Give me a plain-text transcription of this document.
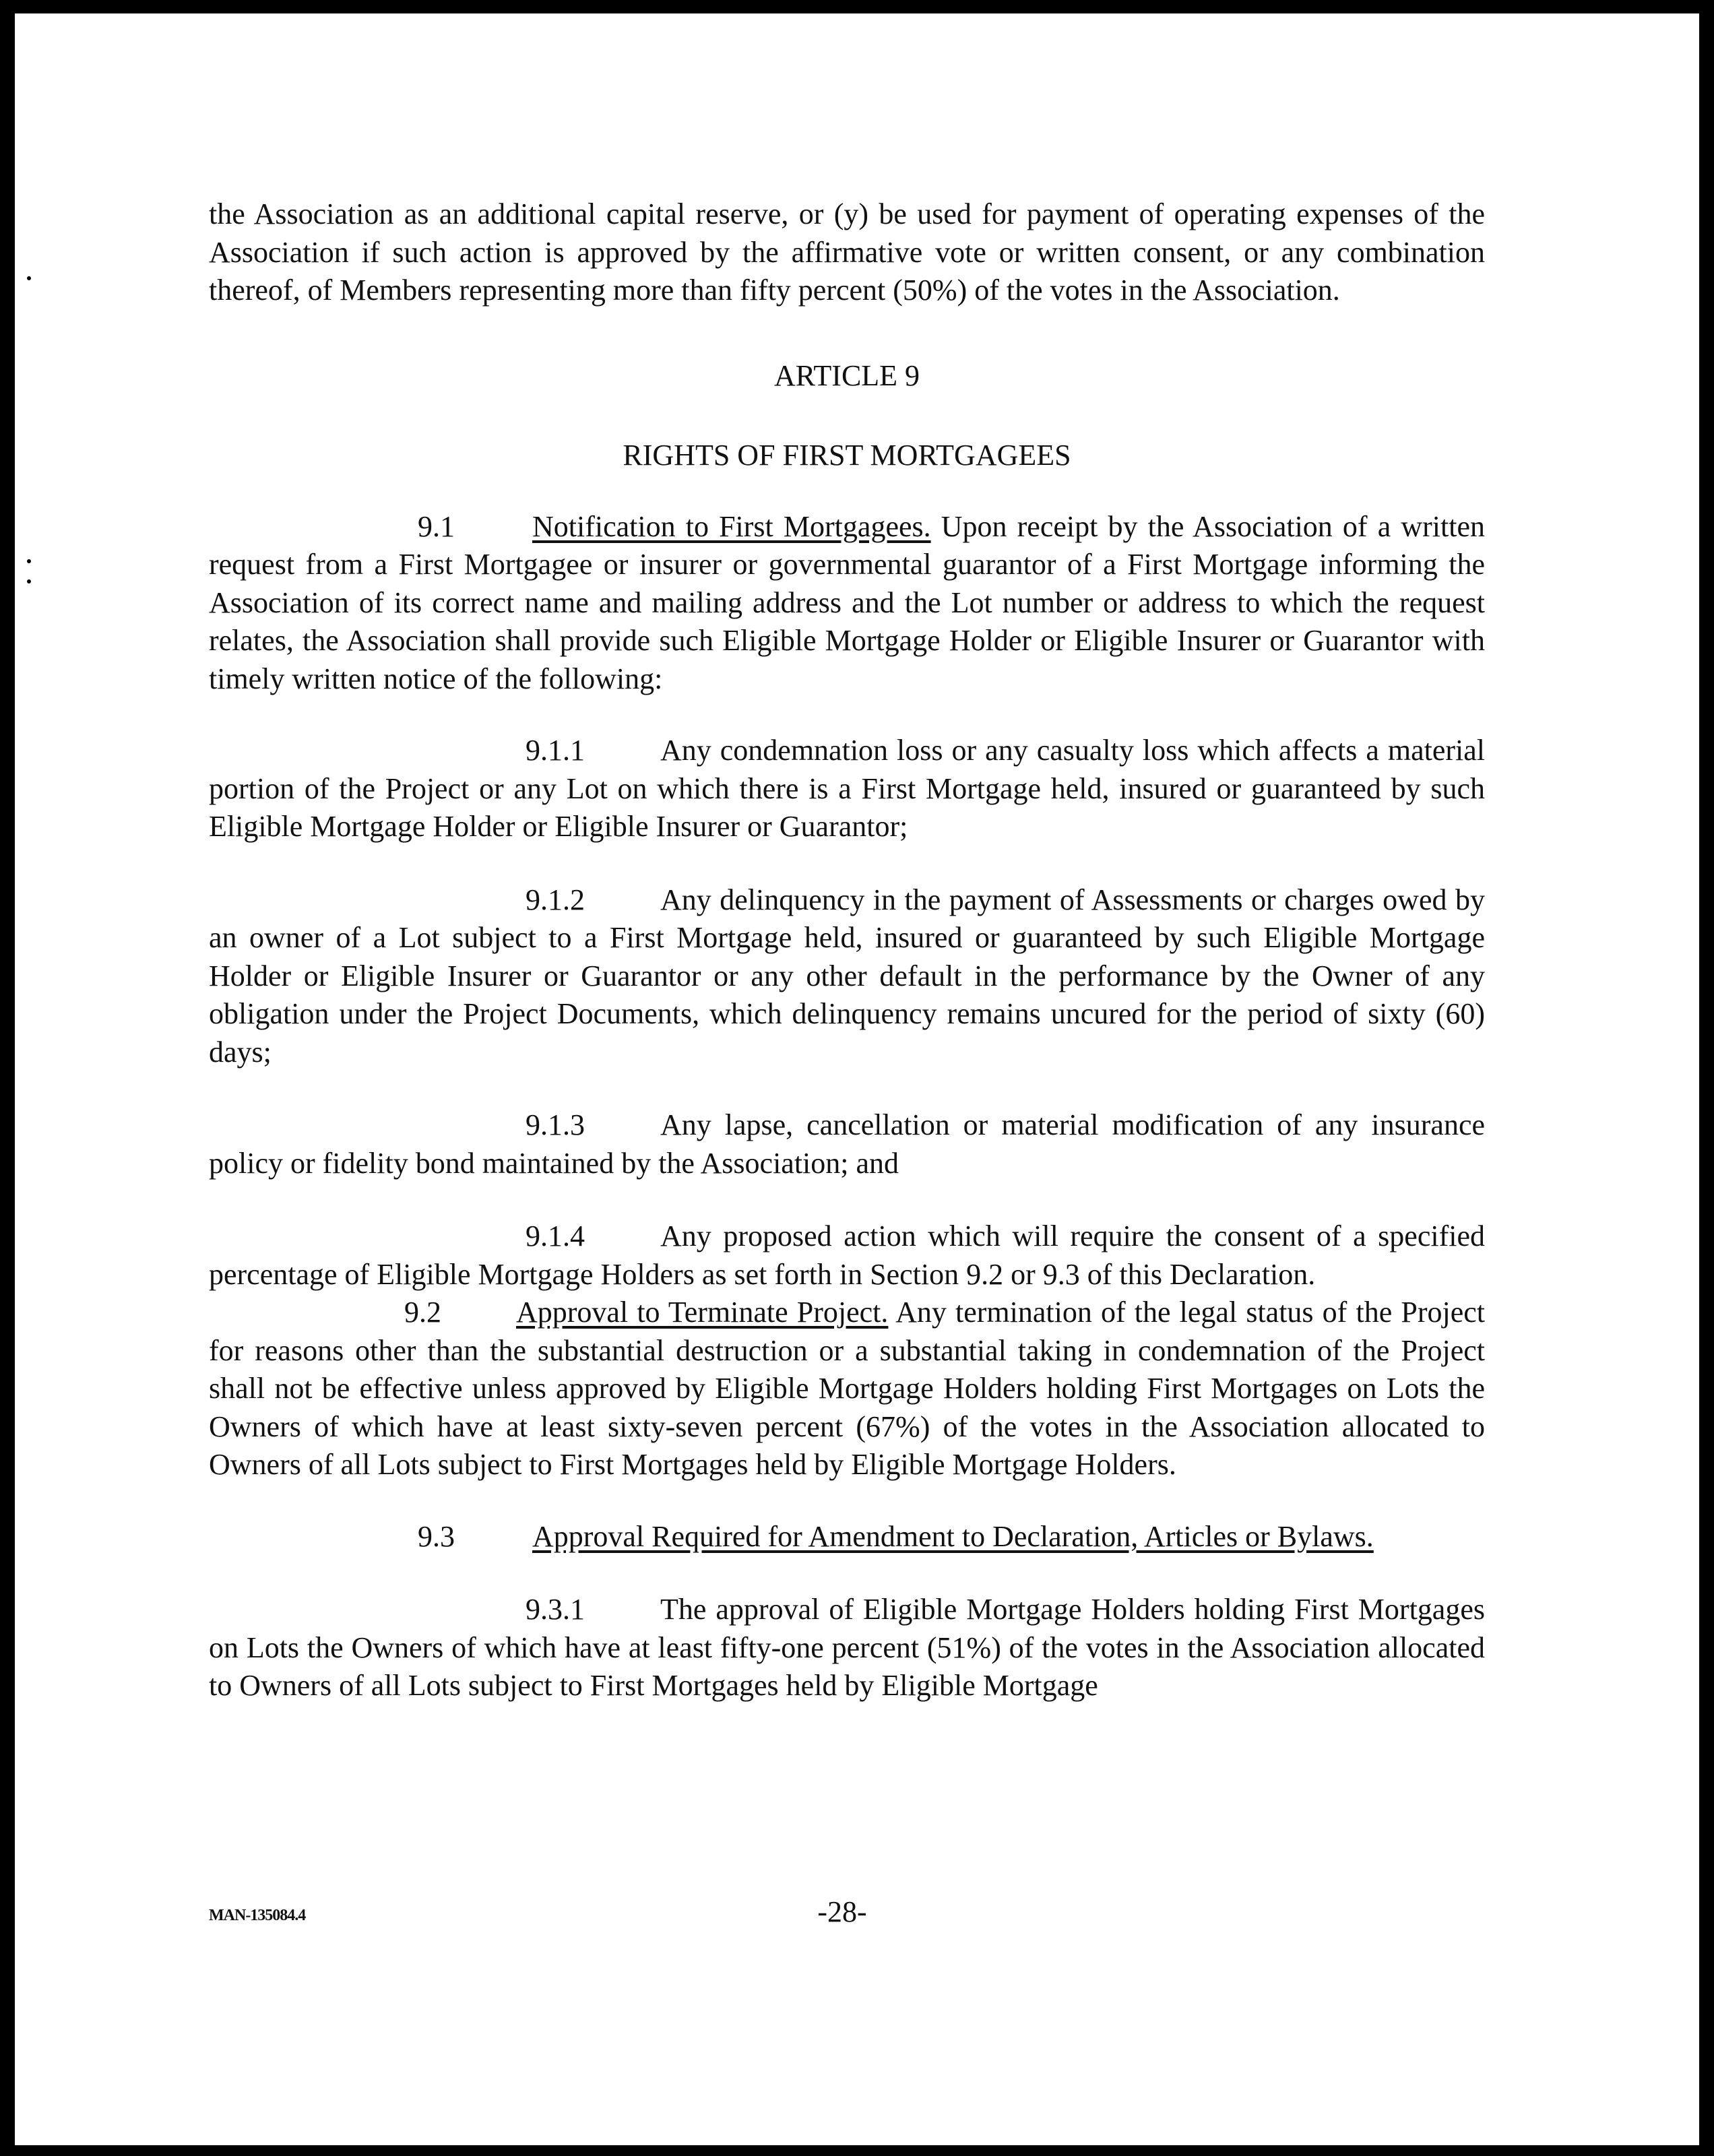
the Association as an additional capital reserve, or (y) be used for payment of operating expenses of the Association if such action is approved by the affirmative vote or written consent, or any combination thereof, of Members representing more than fifty percent (50%) of the votes in the Association.

ARTICLE 9

RIGHTS OF FIRST MORTGAGEES

9.1	Notification to First Mortgagees. Upon receipt by the Association of a written request from a First Mortgagee or insurer or governmental guarantor of a First Mortgage informing the Association of its correct name and mailing address and the Lot number or address to which the request relates, the Association shall provide such Eligible Mortgage Holder or Eligible Insurer or Guarantor with timely written notice of the following:

9.1.1	Any condemnation loss or any casualty loss which affects a material portion of the Project or any Lot on which there is a First Mortgage held, insured or guaranteed by such Eligible Mortgage Holder or Eligible Insurer or Guarantor;

9.1.2	Any delinquency in the payment of Assessments or charges owed by an owner of a Lot subject to a First Mortgage held, insured or guaranteed by such Eligible Mortgage Holder or Eligible Insurer or Guarantor or any other default in the performance by the Owner of any obligation under the Project Documents, which delinquency remains uncured for the period of sixty (60) days;

9.1.3	Any lapse, cancellation or material modification of any insurance policy or fidelity bond maintained by the Association; and

9.1.4	Any proposed action which will require the consent of a specified percentage of Eligible Mortgage Holders as set forth in Section 9.2 or 9.3 of this Declaration.

9.2	Approval to Terminate Project. Any termination of the legal status of the Project for reasons other than the substantial destruction or a substantial taking in condemnation of the Project shall not be effective unless approved by Eligible Mortgage Holders holding First Mortgages on Lots the Owners of which have at least sixty-seven percent (67%) of the votes in the Association allocated to Owners of all Lots subject to First Mortgages held by Eligible Mortgage Holders.

9.3	Approval Required for Amendment to Declaration, Articles or Bylaws.

9.3.1	The approval of Eligible Mortgage Holders holding First Mortgages on Lots the Owners of which have at least fifty-one percent (51%) of the votes in the Association allocated to Owners of all Lots subject to First Mortgages held by Eligible Mortgage

MAN-135084.4	-28-
